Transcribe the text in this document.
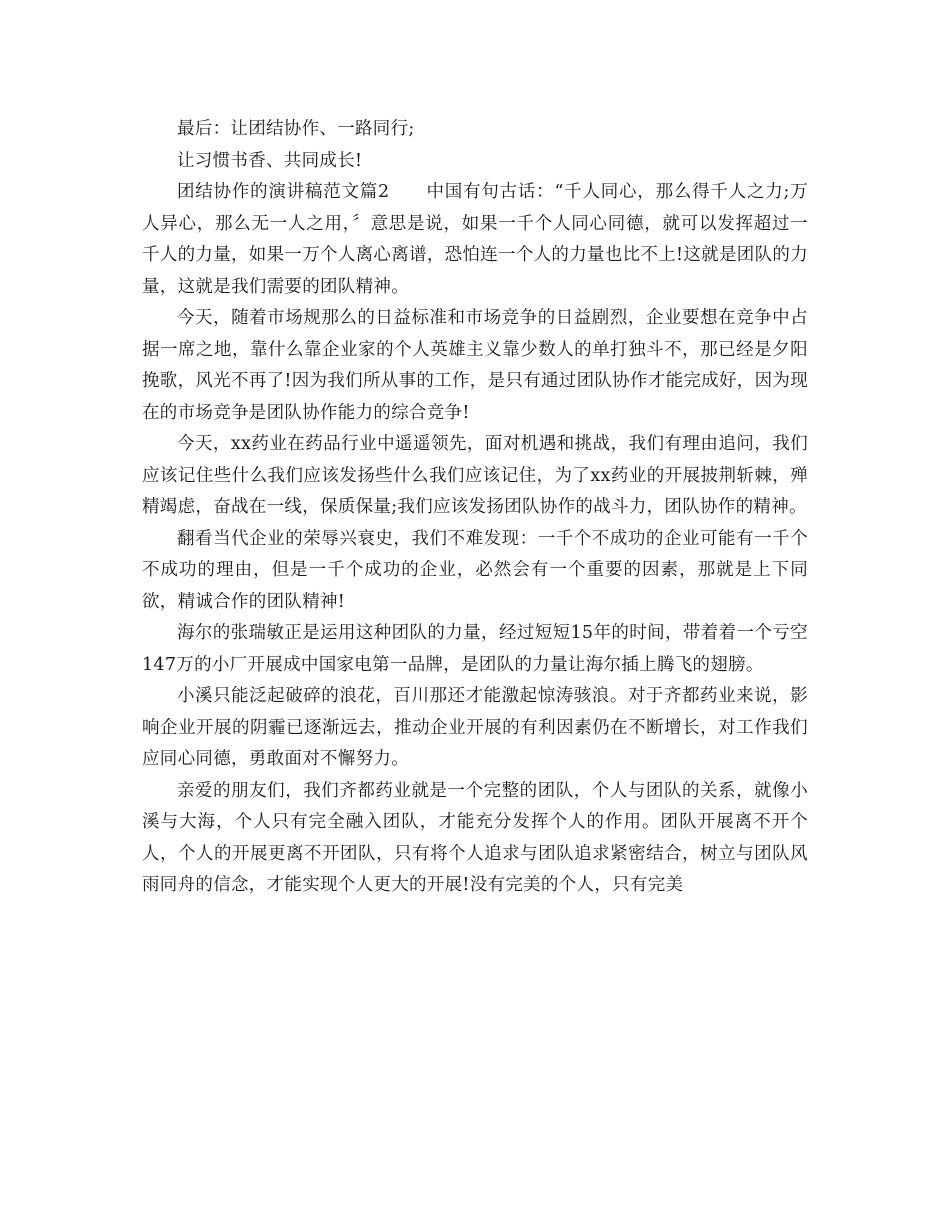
最后：让团结协作、一路同行;

让习惯书香、共同成长!

团结协作的演讲稿范文篇2　　中国有句古话：“千人同心，那么得千人之力;万人异心，那么无一人之用，〞意思是说，如果一千个人同心同德，就可以发挥超过一千人的力量，如果一万个人离心离谱，恐怕连一个人的力量也比不上!这就是团队的力量，这就是我们需要的团队精神。

今天，随着市场规那么的日益标准和市场竞争的日益剧烈，企业要想在竞争中占据一席之地，靠什么靠企业家的个人英雄主义靠少数人的单打独斗不，那已经是夕阳挽歌，风光不再了!因为我们所从事的工作，是只有通过团队协作才能完成好，因为现在的市场竞争是团队协作能力的综合竞争!

今天，xx药业在药品行业中遥遥领先，面对机遇和挑战，我们有理由追问，我们应该记住些什么我们应该发扬些什么我们应该记住，为了xx药业的开展披荆斩棘，殚精竭虑，奋战在一线，保质保量;我们应该发扬团队协作的战斗力，团队协作的精神。

翻看当代企业的荣辱兴衰史，我们不难发现：一千个不成功的企业可能有一千个不成功的理由，但是一千个成功的企业，必然会有一个重要的因素，那就是上下同欲，精诚合作的团队精神!

海尔的张瑞敏正是运用这种团队的力量，经过短短15年的时间，带着着一个亏空147万的小厂开展成中国家电第一品牌，是团队的力量让海尔插上腾飞的翅膀。

小溪只能泛起破碎的浪花，百川那还才能激起惊涛骇浪。对于齐都药业来说，影响企业开展的阴霾已逐渐远去，推动企业开展的有利因素仍在不断增长，对工作我们应同心同德，勇敢面对不懈努力。

亲爱的朋友们，我们齐都药业就是一个完整的团队，个人与团队的关系，就像小溪与大海，个人只有完全融入团队，才能充分发挥个人的作用。团队开展离不开个人，个人的开展更离不开团队，只有将个人追求与团队追求紧密结合，树立与团队风雨同舟的信念，才能实现个人更大的开展!没有完美的个人，只有完美
